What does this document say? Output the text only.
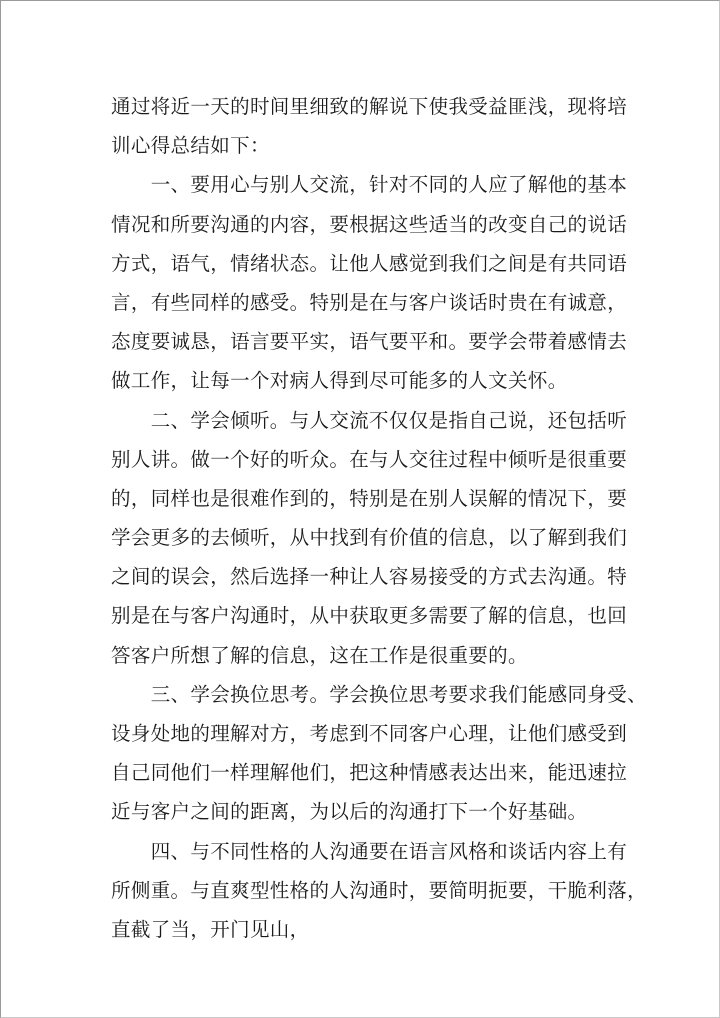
通过将近一天的时间里细致的解说下使我受益匪浅，现将培
训心得总结如下：
　　一、要用心与别人交流，针对不同的人应了解他的基本
情况和所要沟通的内容，要根据这些适当的改变自己的说话
方式，语气，情绪状态。让他人感觉到我们之间是有共同语
言，有些同样的感受。特别是在与客户谈话时贵在有诚意，
态度要诚恳，语言要平实，语气要平和。要学会带着感情去
做工作，让每一个对病人得到尽可能多的人文关怀。
　　二、学会倾听。与人交流不仅仅是指自己说，还包括听
别人讲。做一个好的听众。在与人交往过程中倾听是很重要
的，同样也是很难作到的，特别是在别人误解的情况下，要
学会更多的去倾听，从中找到有价值的信息，以了解到我们
之间的误会，然后选择一种让人容易接受的方式去沟通。特
别是在与客户沟通时，从中获取更多需要了解的信息，也回
答客户所想了解的信息，这在工作是很重要的。
　　三、学会换位思考。学会换位思考要求我们能感同身受、
设身处地的理解对方，考虑到不同客户心理，让他们感受到
自己同他们一样理解他们，把这种情感表达出来，能迅速拉
近与客户之间的距离，为以后的沟通打下一个好基础。
　　四、与不同性格的人沟通要在语言风格和谈话内容上有
所侧重。与直爽型性格的人沟通时，要简明扼要，干脆利落，
直截了当，开门见山，
